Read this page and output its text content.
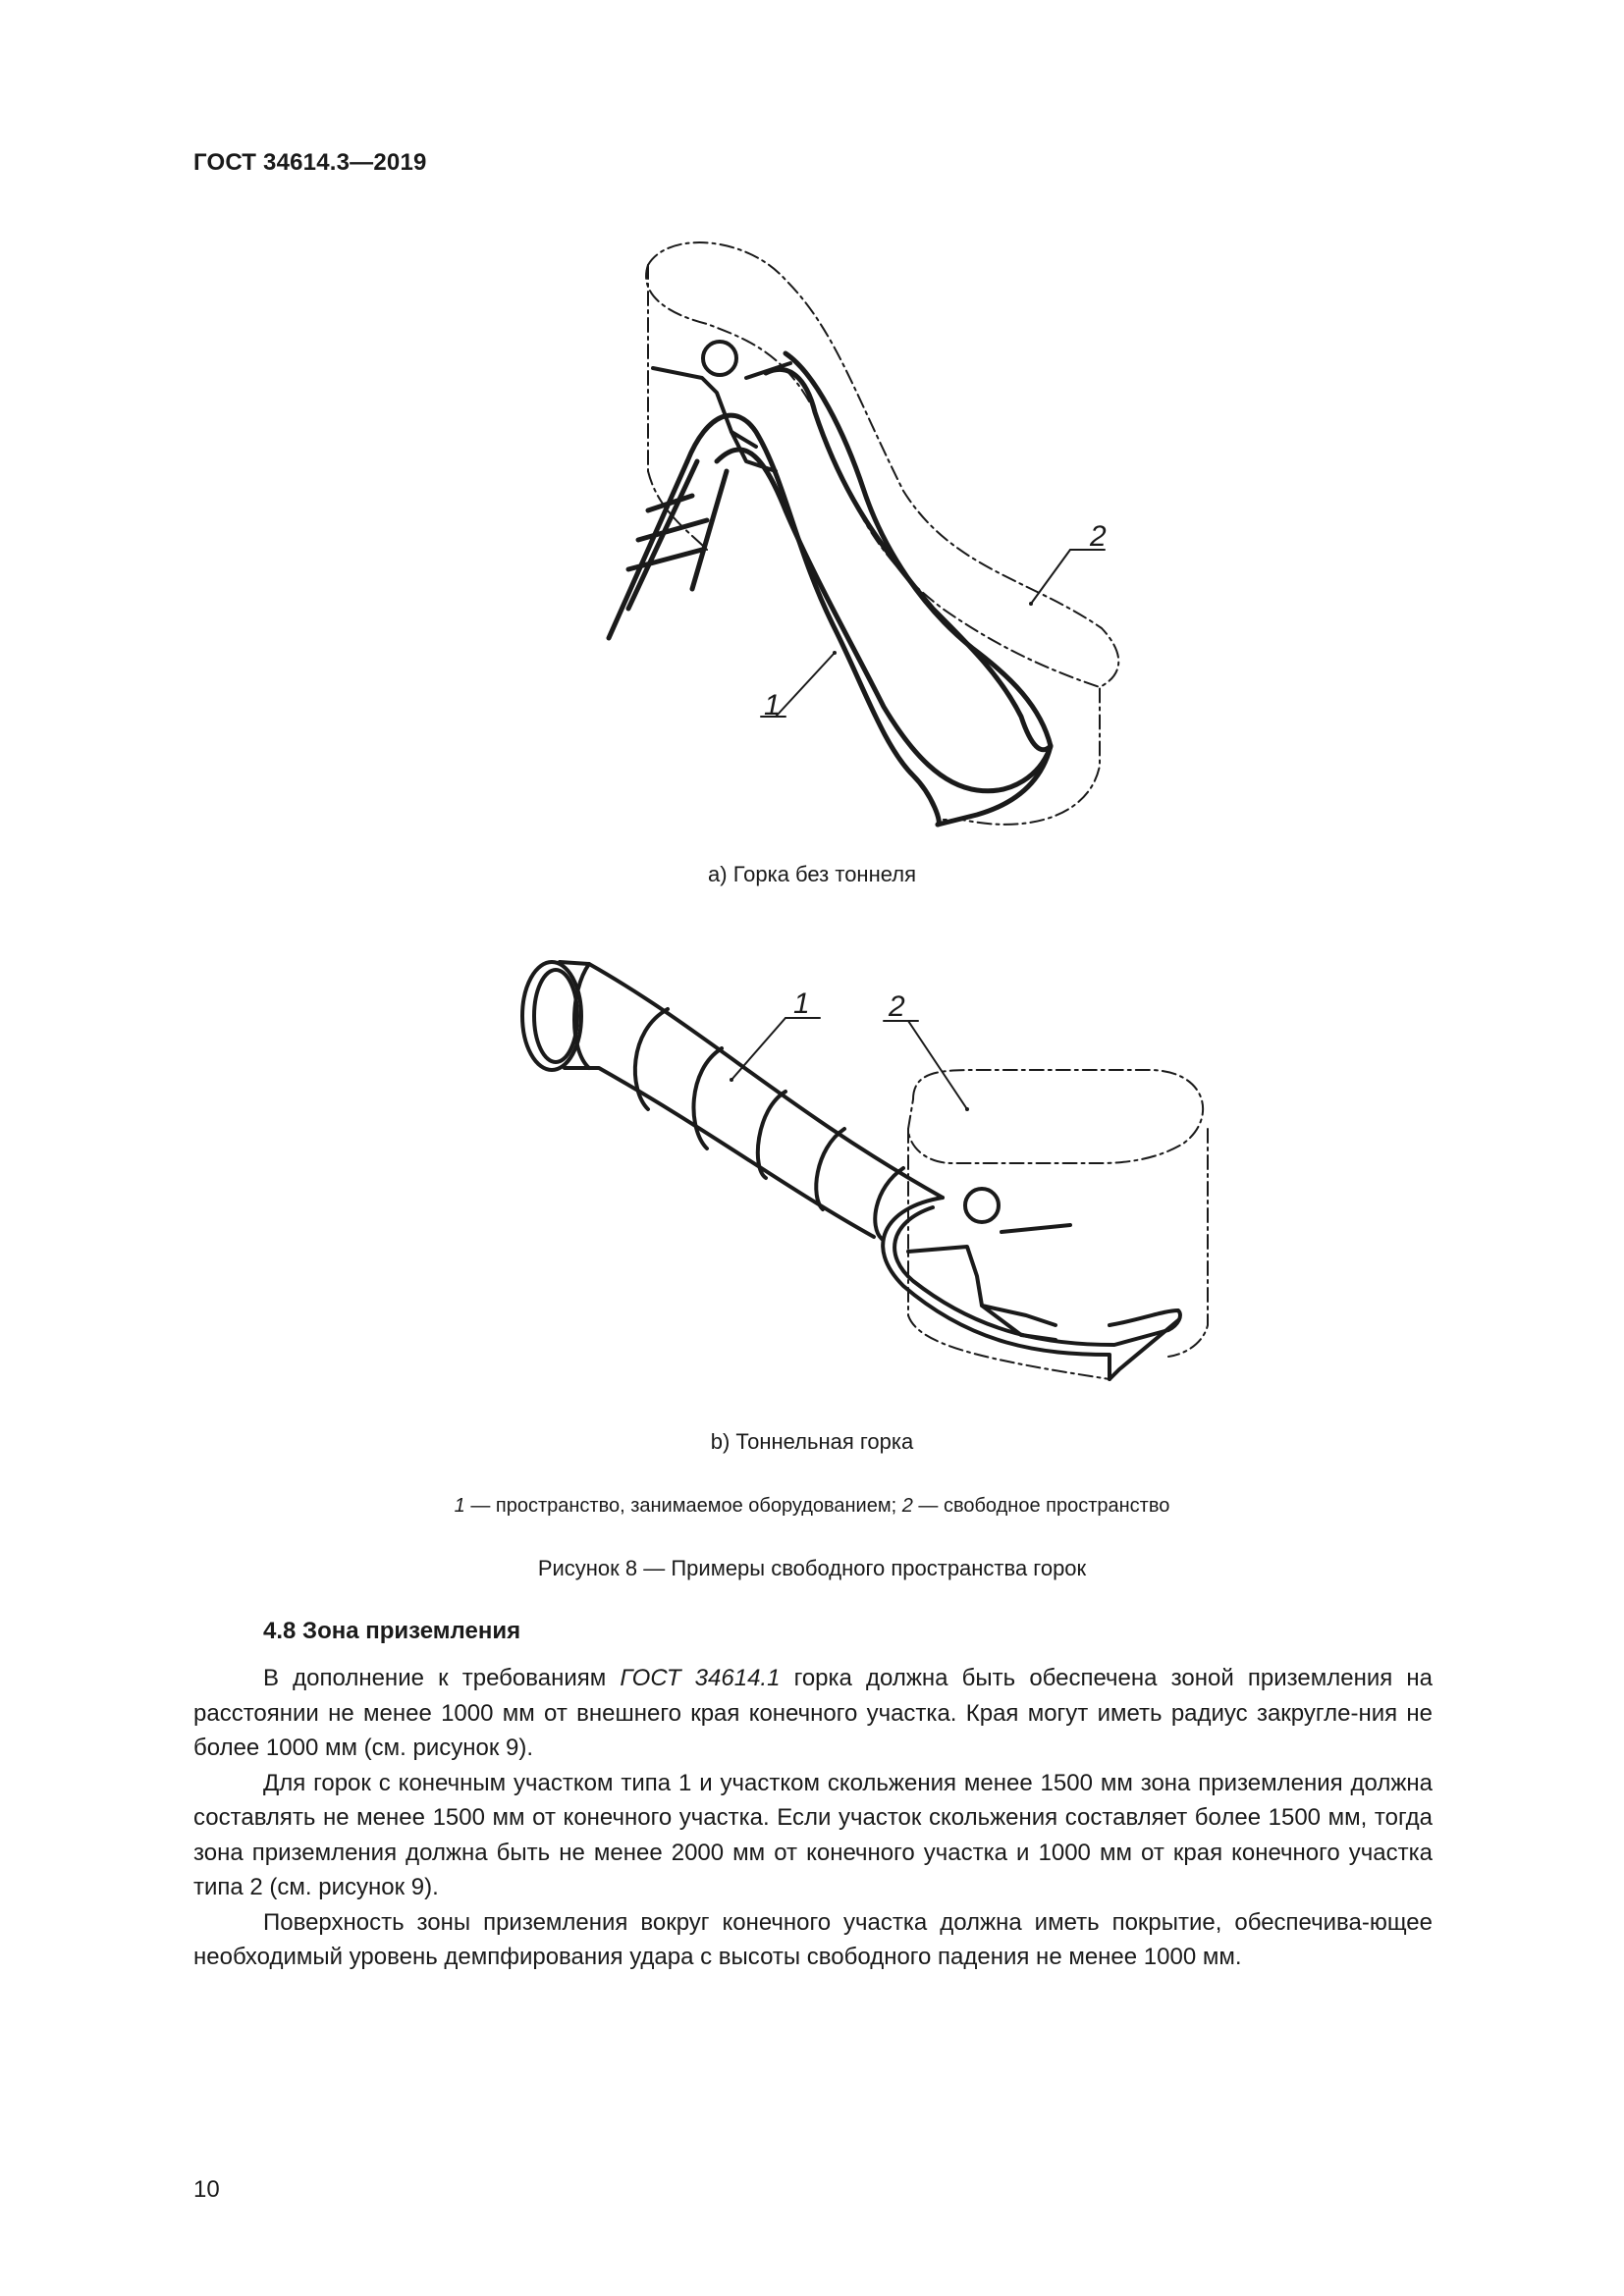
ГОСТ 34614.3—2019
1
2
а) Горка без тоннеля
1	2
b) Тоннельная горка
1 — пространство, занимаемое оборудованием; 2 — свободное пространство
Рисунок 8 — Примеры свободного пространства горок
4.8 Зона приземления

В дополнение к требованиям ГОСТ 34614.1 горка должна быть обеспечена зоной приземления на расстоянии не менее 1000 мм от внешнего края конечного участка. Края могут иметь радиус закругле-ния не более 1000 мм (см. рисунок 9).

Для горок с конечным участком типа 1 и участком скольжения менее 1500 мм зона приземления должна составлять не менее 1500 мм от конечного участка. Если участок скольжения составляет более 1500 мм, тогда зона приземления должна быть не менее 2000 мм от конечного участка и 1000 мм от края конечного участка типа 2 (см. рисунок 9).

Поверхность зоны приземления вокруг конечного участка должна иметь покрытие, обеспечива-ющее необходимый уровень демпфирования удара с высоты свободного падения не менее 1000 мм.

10
